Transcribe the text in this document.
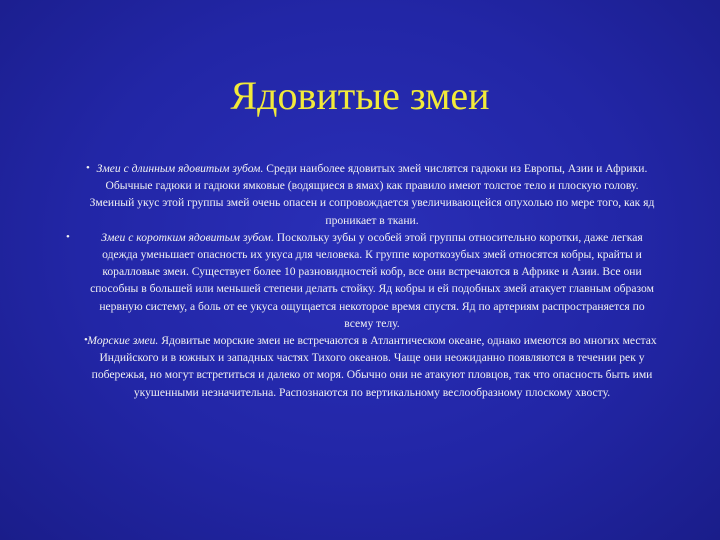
Ядовитые змеи

• Змеи с длинным ядовитым зубом. Среди наиболее ядовитых змей числятся гадюки из Европы, Азии и Африки. Обычные гадюки и гадюки ямковые (водящиеся в ямах) как правило имеют толстое тело и плоскую голову. Змеиный укус этой группы змей очень опасен и сопровождается увеличивающейся опухолью по мере того, как яд проникает в ткани.

•	Змеи с коротким ядовитым зубом. Поскольку зубы у особей этой группы относительно коротки, даже легкая одежда уменьшает опасность их укуса для человека. К группе короткозубых змей относятся кобры, крайты и коралловые змеи. Существует более 10 разновидностей кобр, все они встречаются в Африке и Азии. Все они способны в большей или меньшей степени делать стойку. Яд кобры и ей подобных змей атакует главным образом нервную систему, а боль от ее укуса ощущается некоторое время спустя. Яд по артериям распространяется по всему телу.

• Морские змеи. Ядовитые морские змеи не встречаются в Атлантическом океане, однако имеются во многих местах Индийского и в южных и западных частях Тихого океанов. Чаще они неожиданно появляются в течении рек у побережья, но могут встретиться и далеко от моря. Обычно они не атакуют пловцов, так что опасность быть ими укушенными незначительна. Распознаются по вертикальному веслообразному плоскому хвосту.
